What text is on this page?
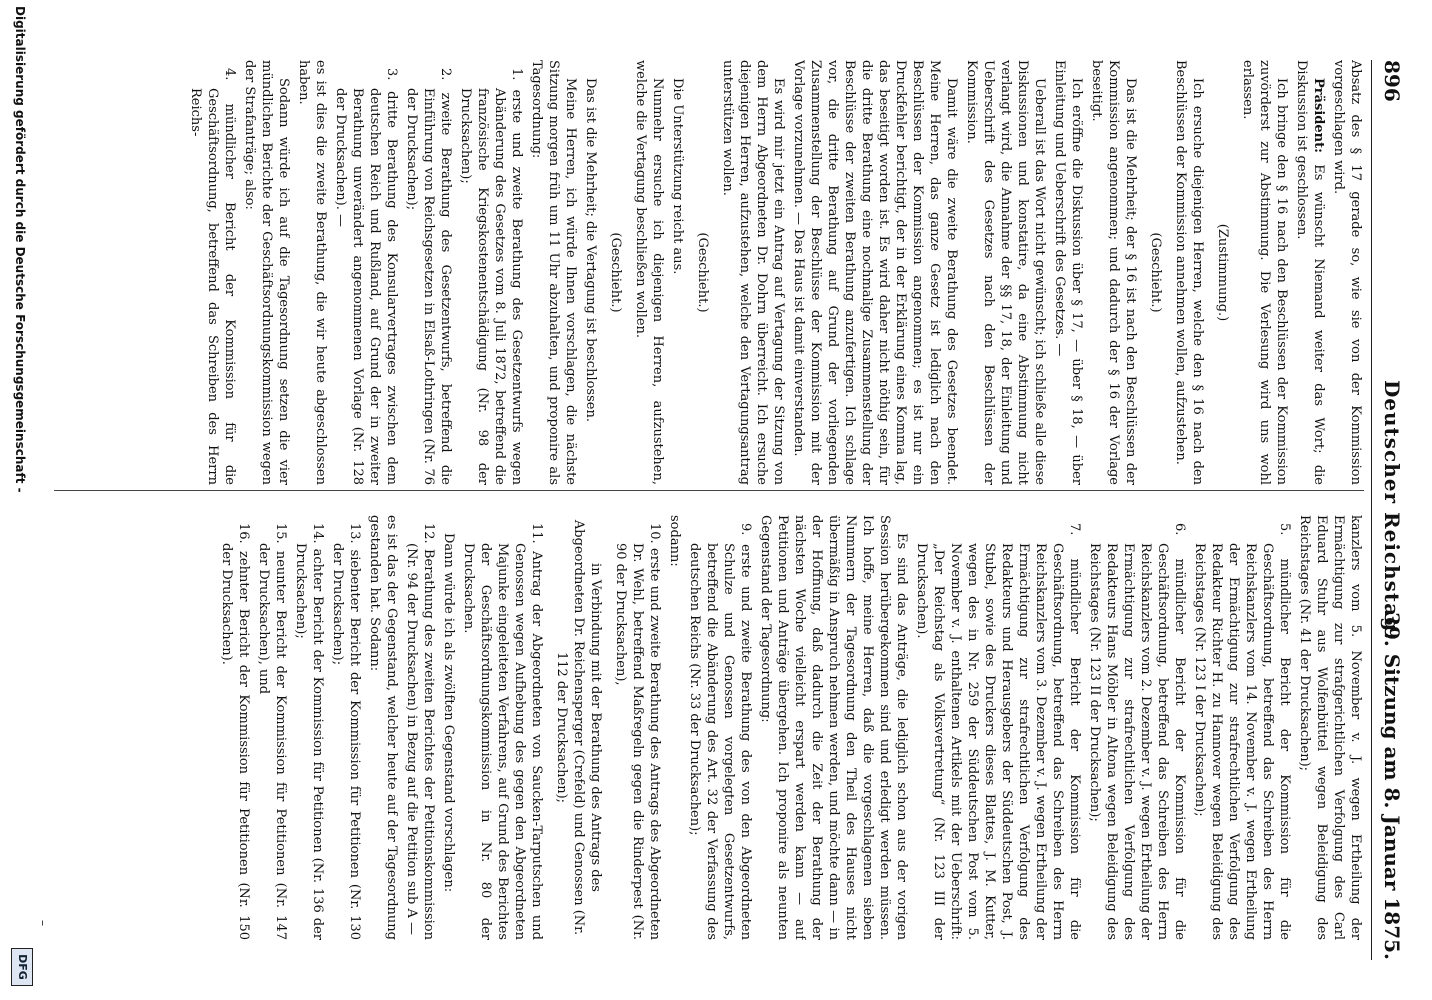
896
Deutscher Reichstag.
39. Sitzung am 8. Januar 1875.

Absatz des § 17 gerade so, wie sie von der Kommission vorgeschlagen wird.

Präsident: Es wünscht Niemand weiter das Wort; die Diskussion ist geschlossen.

Ich bringe den § 16 nach den Beschlüssen der Kommission zuvörderst zur Abstimmung. Die Verlesung wird uns wohl erlassen.

(Zustimmung.)

Ich ersuche diejenigen Herren, welche den § 16 nach den Beschlüssen der Kommission annehmen wollen, aufzustehen.

(Geschieht.)

Das ist die Mehrheit; der § 16 ist nach den Beschlüssen der Kommission angenommen; und dadurch der § 16 der Vorlage beseitigt.

Ich eröffne die Diskussion über § 17, — über § 18, — über Einleitung und Ueberschrift des Gesetzes. —

Ueberall ist das Wort nicht gewünscht; ich schließe alle diese Diskussionen und konstatire, da eine Abstimmung nicht verlangt wird, die Annahme der §§ 17, 18, der Einleitung und Ueberschrift des Gesetzes nach den Beschlüssen der Kommission.

Damit wäre die zweite Berathung des Gesetzes beendet. Meine Herren, das ganze Gesetz ist lediglich nach den Beschlüssen der Kommission angenommen; es ist nur ein Druckfehler berichtigt, der in der Erklärung eines Komma lag, das beseitigt worden ist. Es wird daher nicht nöthig sein, für die dritte Berathung eine nochmalige Zusammenstellung der Beschlüsse der zweiten Berathung anzufertigen. Ich schlage vor, die dritte Berathung auf Grund der vorliegenden Zusammenstellung der Beschlüsse der Kommission mit der Vorlage vorzunehmen. — Das Haus ist damit einverstanden.

Es wird mir jetzt ein Antrag auf Vertagung der Sitzung von dem Herrn Abgeordneten Dr. Dohrn überreicht. Ich ersuche diejenigen Herren, aufzustehen, welche den Vertagungsantrag unterstützen wollen.

(Geschieht.)

Die Unterstützung reicht aus.

Nunmehr ersuche ich diejenigen Herren, aufzustehen, welche die Vertagung beschließen wollen.

(Geschieht.)

Das ist die Mehrheit; die Vertagung ist beschlossen.

Meine Herren, ich würde Ihnen vorschlagen, die nächste Sitzung morgen früh um 11 Uhr abzuhalten, und proponire als Tagesordnung:

1. erste und zweite Berathung des Gesetzentwurfs wegen Abänderung des Gesetzes vom 8. Juli 1872, betreffend die französische Kriegskostenentschädigung (Nr. 98 der Drucksachen);

2. zweite Berathung des Gesetzentwurfs, betreffend die Einführung von Reichsgesetzen in Elsaß-Lothringen (Nr. 76 der Drucksachen);

3. dritte Berathung des Konsularvertrages zwischen dem deutschen Reich und Rußland, auf Grund der in zweiter Berathung unverändert angenommenen Vorlage (Nr. 128 der Drucksachen). —

es ist dies die zweite Berathung, die wir heute abgeschlossen haben.

Sodann würde ich auf die Tagesordnung setzen die vier mündlichen Berichte der Geschäftsordnungskommission wegen der Strafanträge; also:

4. mündlicher Bericht der Kommission für die Geschäftsordnung, betreffend das Schreiben des Herrn Reichs-

kanzlers vom 5. November v. J. wegen Ertheilung der Ermächtigung zur strafgerichtlichen Verfolgung des Carl Eduard Stuhr aus Wolfenbüttel wegen Beleidigung des Reichstages (Nr. 41 der Drucksachen);

5. mündlicher Bericht der Kommission für die Geschäftsordnung, betreffend das Schreiben des Herrn Reichskanzlers vom 14. November v. J. wegen Ertheilung der Ermächtigung zur strafrechtlichen Verfolgung des Redakteur Richter H. zu Hannover wegen Beleidigung des Reichstages (Nr. 123 I der Drucksachen);

6. mündlicher Bericht der Kommission für die Geschäftsordnung, betreffend das Schreiben des Herrn Reichskanzlers vom 2. Dezember v. J. wegen Ertheilung der Ermächtigung zur strafrechtlichen Verfolgung des Redakteurs Hans Möbler in Altona wegen Beleidigung des Reichstages (Nr. 123 II der Drucksachen);

7. mündlicher Bericht der Kommission für die Geschäftsordnung, betreffend das Schreiben des Herrn Reichskanzlers vom 3. Dezember v. J. wegen Ertheilung der Ermächtigung zur strafrechtlichen Verfolgung des Redakteurs und Herausgebers der Süddeutschen Post, J. Stubel, sowie des Druckers dieses Blattes, J. M. Kutter, wegen des in Nr. 259 der Süddeutschen Post vom 5. November v. J. enthaltenen Artikels mit der Ueberschrift: „Der Reichstag als Volksvertretung“ (Nr. 123 III der Drucksachen).

Es sind das Anträge, die lediglich schon aus der vorigen Session herübergekommen sind und erledigt werden müssen. Ich hoffe, meine Herren, daß die vorgeschlagenen sieben Nummern der Tagesordnung den Theil des Hauses nicht übermäßig in Anspruch nehmen werden, und möchte dann — in der Hoffnung, daß dadurch die Zeit der Berathung der nächsten Woche vielleicht erspart werden kann — auf Petitionen und Anträge übergehen. Ich proponire als neunten Gegenstand der Tagesordnung:

9. erste und zweite Berathung des von den Abgeordneten Schulze und Genossen vorgelegten Gesetzentwurfs, betreffend die Abänderung des Art. 32 der Verfassung des deutschen Reichs (Nr. 33 der Drucksachen);

sodann:

10. erste und zweite Berathung des Antrags des Abgeordneten Dr. Wehl, betreffend Maßregeln gegen die Rinderpest (Nr. 90 der Drucksachen),

in Verbindung mit der Berathung des Antrags des Abgeordneten Dr. Reichensperger (Crefeld) und Genossen (Nr. 112 der Drucksachen);

11. Antrag der Abgeordneten von Saucken-Tarputschen und Genossen wegen Aufhebung des gegen den Abgeordneten Majunke eingeleiteten Verfahrens, auf Grund des Berichtes der Geschäftsordnungskommission in Nr. 80 der Drucksachen.

Dann würde ich als zwölften Gegenstand vorschlagen:

12. Berathung des zweiten Berichtes der Petitionskommission (Nr. 94 der Drucksachen) in Bezug auf die Petition sub A —

es ist das der Gegenstand, welcher heute auf der Tagesordnung gestanden hat. Sodann:

13. siebenter Bericht der Kommission für Petitionen (Nr. 130 der Drucksachen);

14. achter Bericht der Kommission für Petitionen (Nr. 136 der Drucksachen);

15. neunter Bericht der Kommission für Petitionen (Nr. 147 der Drucksachen), und

16. zehnter Bericht der Kommission für Petitionen (Nr. 150 der Drucksachen).

–
Digitalisierung gefördert durch die Deutsche Forschungsgemeinschaft -
DFG
